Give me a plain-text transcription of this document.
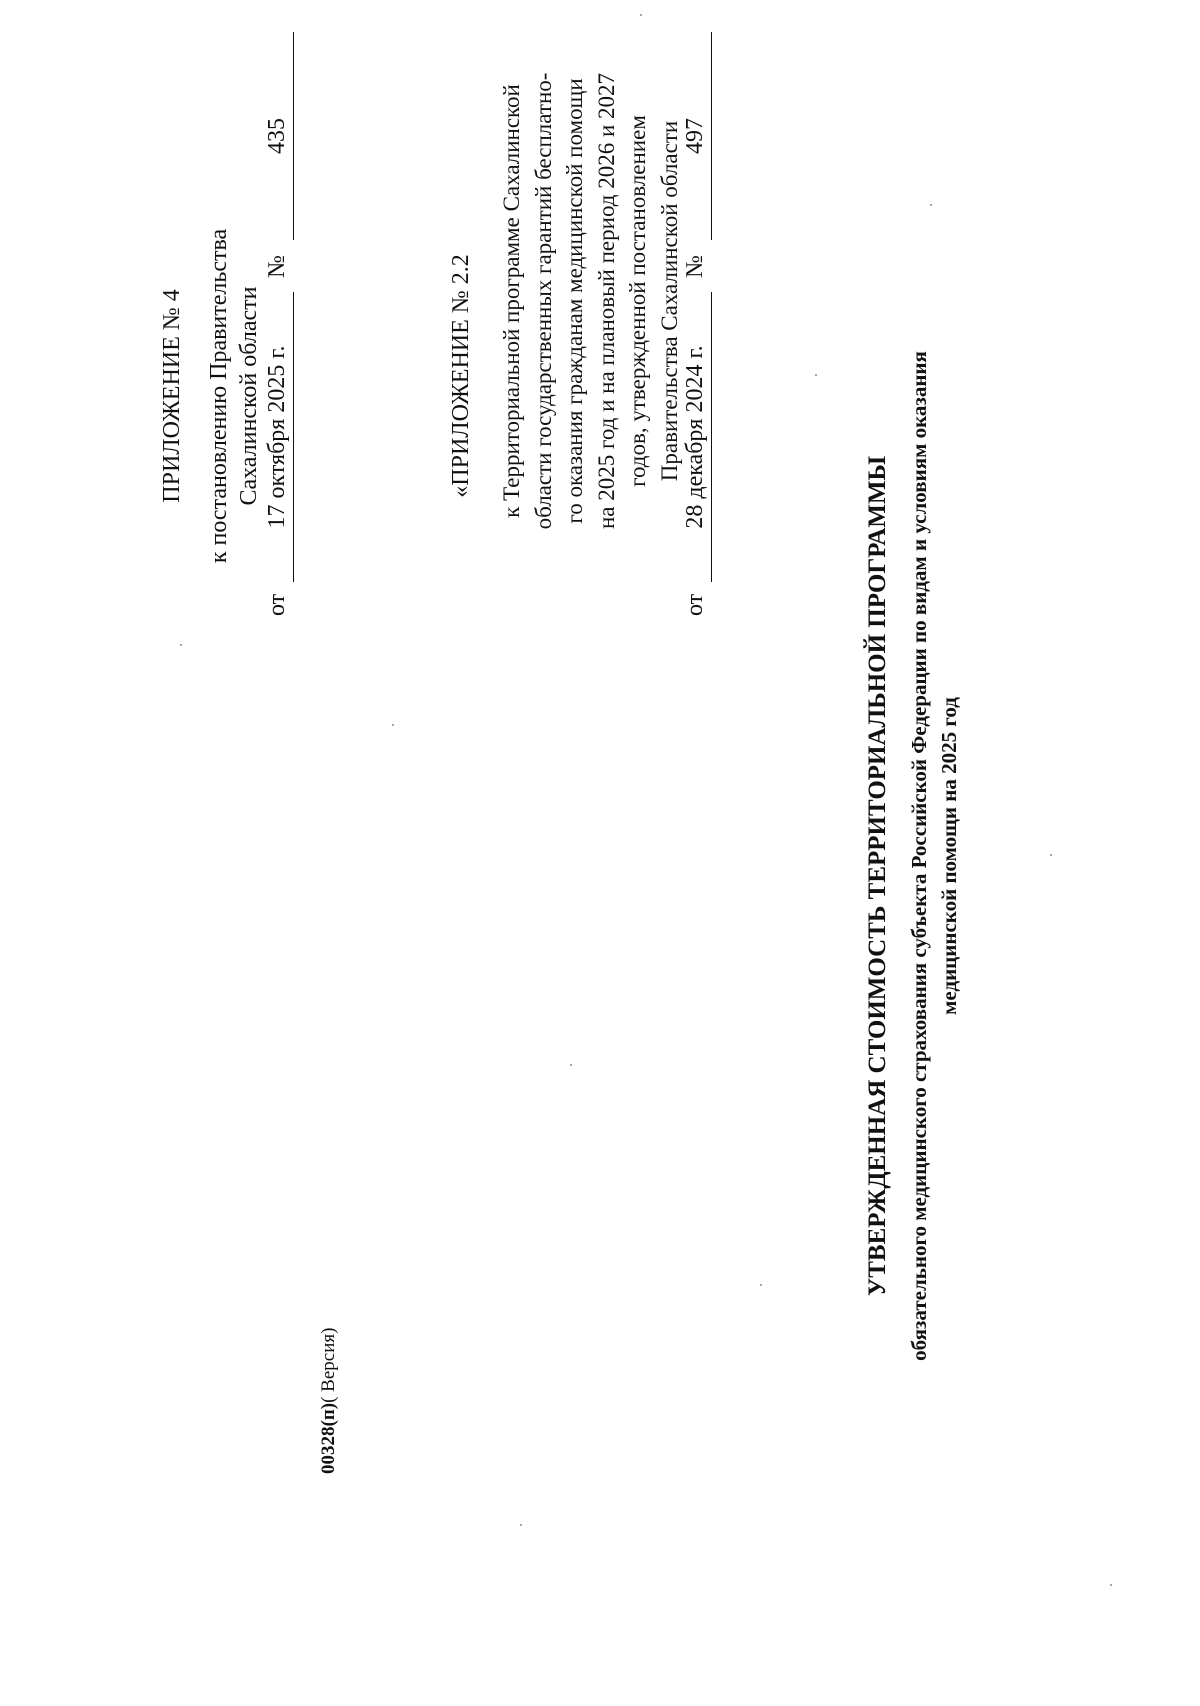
ПРИЛОЖЕНИЕ № 4 к постановлению Правительства Сахалинской области
от
17 октября 2025 г.
№
435
«ПРИЛОЖЕНИЕ № 2.2 к Территориальной программе Сахалинской области государственных гарантий бесплатно- го оказания гражданам медицинской помощи на 2025 год и на плановый период 2026 и 2027 годов, утвержденной постановлением Правительства Сахалинской области
от
28 декабря 2024 г.
№
497
УТВЕРЖДЕННАЯ СТОИМОСТЬ ТЕРРИТОРИАЛЬНОЙ ПРОГРАММЫ обязательного медицинского страхования субъекта Российской Федерации по видам и условиям оказания медицинской помощи на 2025 год
00328(п)( Версия)
